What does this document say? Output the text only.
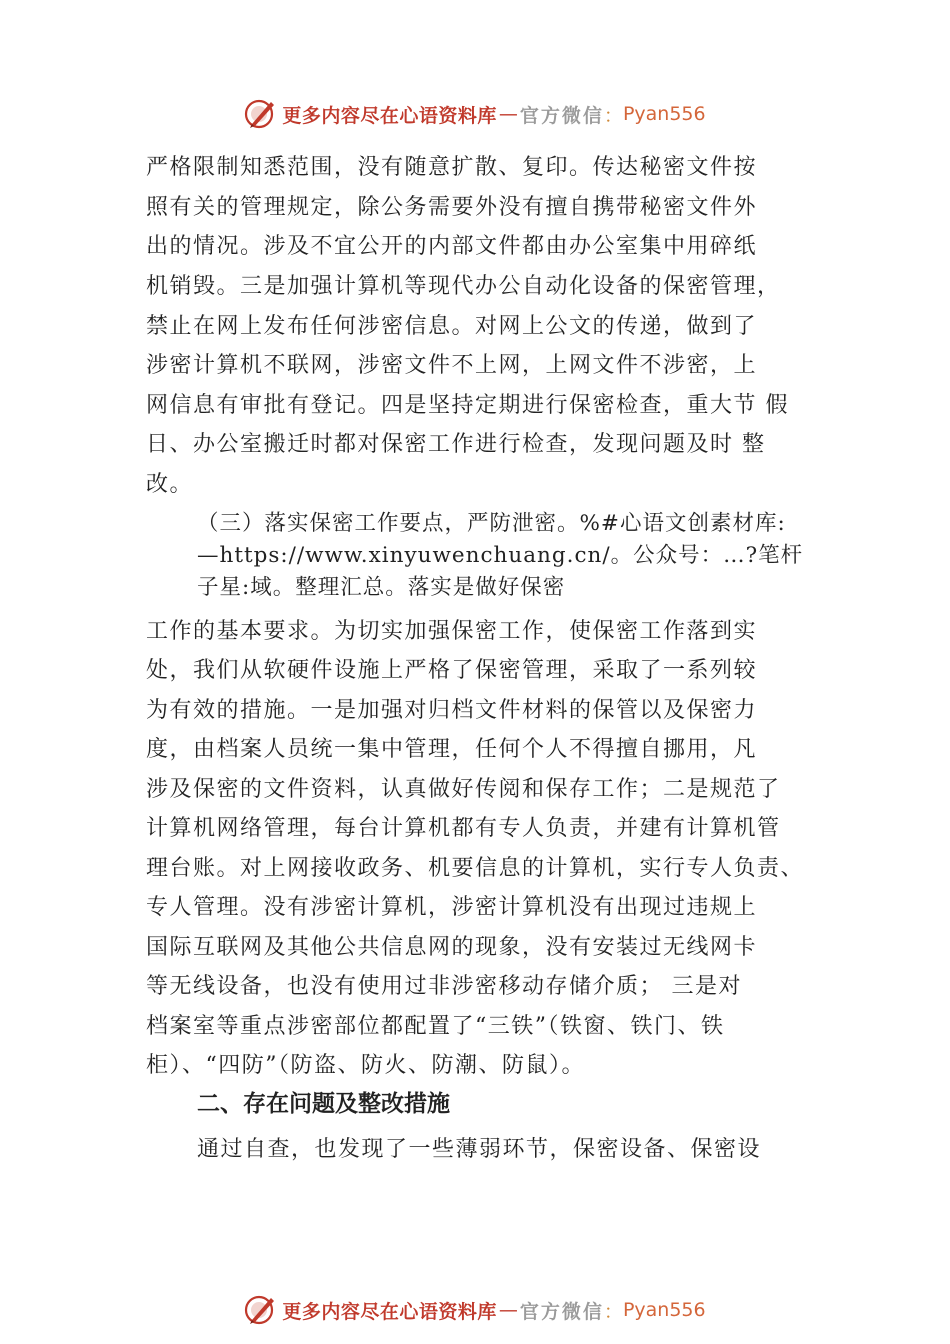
更多内容尽在心语资料库 — 官方微信 ： Pyan556
严格限制知悉范围，没有随意扩散、复印。传达秘密文件按
照有关的管理规定，除公务需要外没有擅自携带秘密文件外
出的情况。涉及不宜公开的内部文件都由办公室集中用碎纸
机销毁。三是加强计算机等现代办公自动化设备的保密管理，
禁止在网上发布任何涉密信息。对网上公文的传递，做到了
涉密计算机不联网，涉密文件不上网，上网文件不涉密，上
网信息有审批有登记。四是坚持定期进行保密检查，重大节 假
日、办公室搬迁时都对保密工作进行检查，发现问题及时 整
改。
（三）落实保密工作要点，严防泄密。%#心语文创素材库:
—https://www.xinyuwenchuang.cn/。公众号：…?笔杆
子星:域。整理汇总。落实是做好保密
工作的基本要求。为切实加强保密工作，使保密工作落到实
处，我们从软硬件设施上严格了保密管理，采取了一系列较
为有效的措施。一是加强对归档文件材料的保管以及保密力
度，由档案人员统一集中管理，任何个人不得擅自挪用，凡
涉及保密的文件资料，认真做好传阅和保存工作；二是规范了
计算机网络管理，每台计算机都有专人负责，并建有计算机管
理台账。对上网接收政务、机要信息的计算机，实行专人负责、
专人管理。没有涉密计算机，涉密计算机没有出现过违规上
国际互联网及其他公共信息网的现象，没有安装过无线网卡
等无线设备，也没有使用过非涉密移动存储介质； 三是对
档案室等重点涉密部位都配置了“三铁”（铁窗、铁门、铁
柜）、“四防”（防盗、防火、防潮、防鼠）。
二、存在问题及整改措施
通过自查，也发现了一些薄弱环节，保密设备、保密设
更多内容尽在心语资料库 — 官方微信 ： Pyan556
